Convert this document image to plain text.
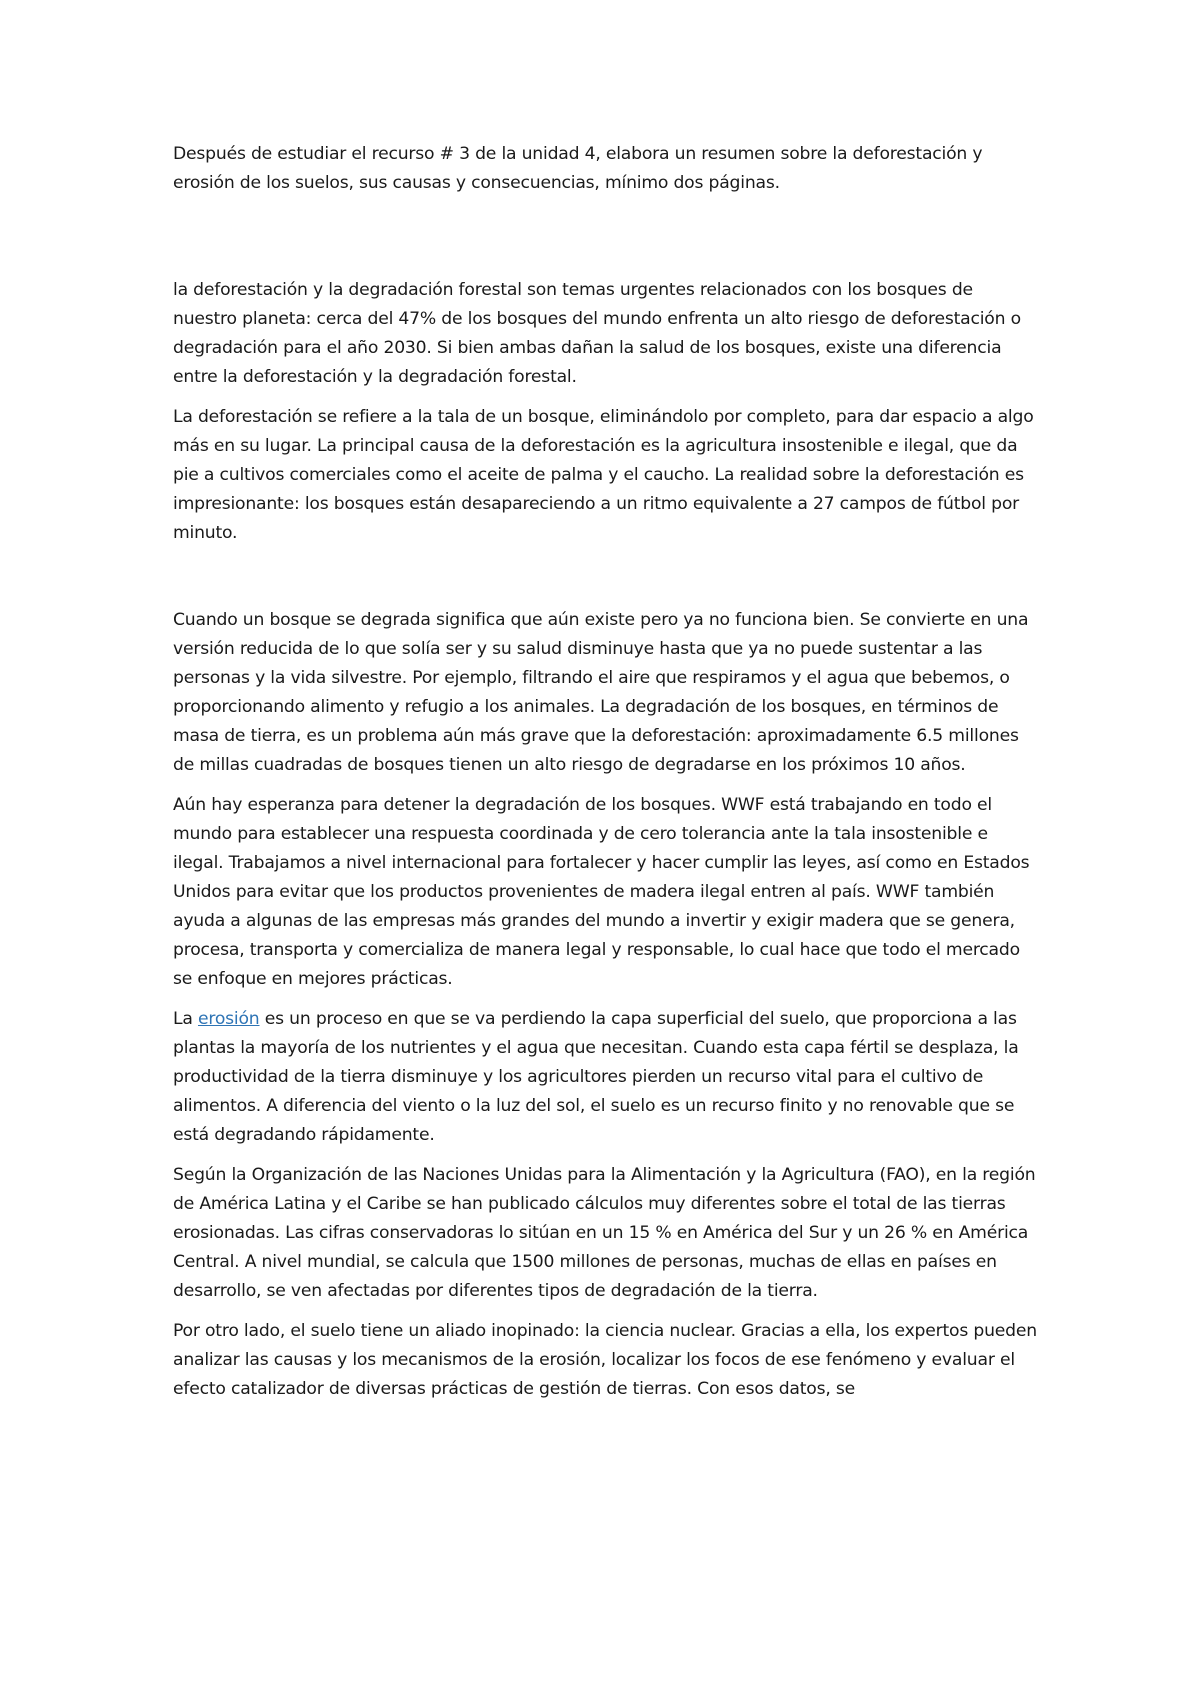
Después de estudiar el recurso # 3 de la unidad 4, elabora un resumen sobre la deforestación y erosión de los suelos, sus causas y consecuencias, mínimo dos páginas.

la deforestación y la degradación forestal son temas urgentes relacionados con los bosques de nuestro planeta: cerca del 47% de los bosques del mundo enfrenta un alto riesgo de deforestación o degradación para el año 2030. Si bien ambas dañan la salud de los bosques, existe una diferencia entre la deforestación y la degradación forestal.

La deforestación se refiere a la tala de un bosque, eliminándolo por completo, para dar espacio a algo más en su lugar. La principal causa de la deforestación es la agricultura insostenible e ilegal, que da pie a cultivos comerciales como el aceite de palma y el caucho. La realidad sobre la deforestación es impresionante: los bosques están desapareciendo a un ritmo equivalente a 27 campos de fútbol por minuto.

Cuando un bosque se degrada significa que aún existe pero ya no funciona bien. Se convierte en una versión reducida de lo que solía ser y su salud disminuye hasta que ya no puede sustentar a las personas y la vida silvestre. Por ejemplo, filtrando el aire que respiramos y el agua que bebemos, o proporcionando alimento y refugio a los animales. La degradación de los bosques, en términos de masa de tierra, es un problema aún más grave que la deforestación: aproximadamente 6.5 millones de millas cuadradas de bosques tienen un alto riesgo de degradarse en los próximos 10 años.

Aún hay esperanza para detener la degradación de los bosques. WWF está trabajando en todo el mundo para establecer una respuesta coordinada y de cero tolerancia ante la tala insostenible e ilegal. Trabajamos a nivel internacional para fortalecer y hacer cumplir las leyes, así como en Estados Unidos para evitar que los productos provenientes de madera ilegal entren al país. WWF también ayuda a algunas de las empresas más grandes del mundo a invertir y exigir madera que se genera, procesa, transporta y comercializa de manera legal y responsable, lo cual hace que todo el mercado se enfoque en mejores prácticas.

La erosión es un proceso en que se va perdiendo la capa superficial del suelo, que proporciona a las plantas la mayoría de los nutrientes y el agua que necesitan. Cuando esta capa fértil se desplaza, la productividad de la tierra disminuye y los agricultores pierden un recurso vital para el cultivo de alimentos. A diferencia del viento o la luz del sol, el suelo es un recurso finito y no renovable que se está degradando rápidamente.

Según la Organización de las Naciones Unidas para la Alimentación y la Agricultura (FAO), en la región de América Latina y el Caribe se han publicado cálculos muy diferentes sobre el total de las tierras erosionadas. Las cifras conservadoras lo sitúan en un 15 % en América del Sur y un 26 % en América Central. A nivel mundial, se calcula que 1500 millones de personas, muchas de ellas en países en desarrollo, se ven afectadas por diferentes tipos de degradación de la tierra.

Por otro lado, el suelo tiene un aliado inopinado: la ciencia nuclear. Gracias a ella, los expertos pueden analizar las causas y los mecanismos de la erosión, localizar los focos de ese fenómeno y evaluar el efecto catalizador de diversas prácticas de gestión de tierras. Con esos datos, se
